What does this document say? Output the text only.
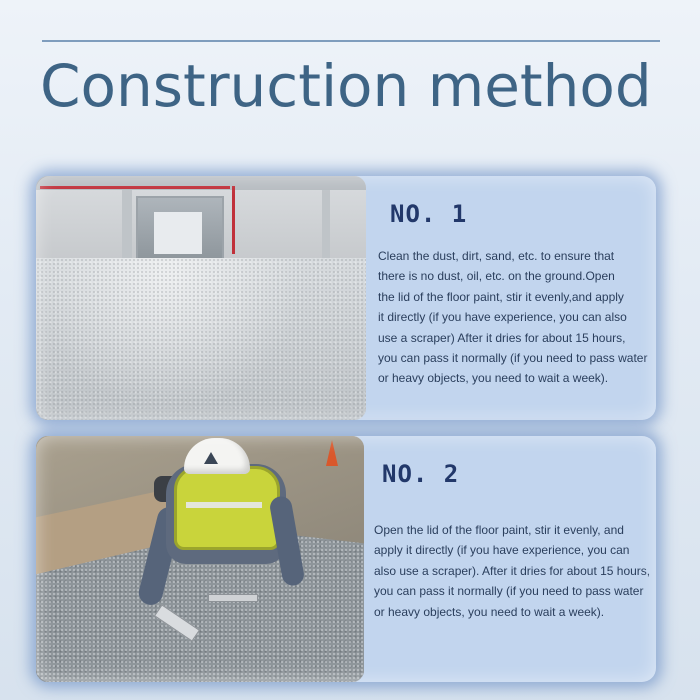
Construction method
NO. 1

Clean the dust, dirt, sand, etc. to ensure that
there is no dust, oil, etc. on the ground.Open
the lid of the floor paint, stir it evenly,and apply
it directly (if you have experience, you can also
use a scraper) After it dries for about 15 hours,
you can pass it normally (if you need to pass water
or heavy objects, you need to wait a week).

NO. 2

Open the lid of the floor paint, stir it evenly, and
apply it directly (if you have experience, you can
also use a scraper). After it dries for about 15 hours,
you can pass it normally (if you need to pass water
or heavy objects, you need to wait a week).
